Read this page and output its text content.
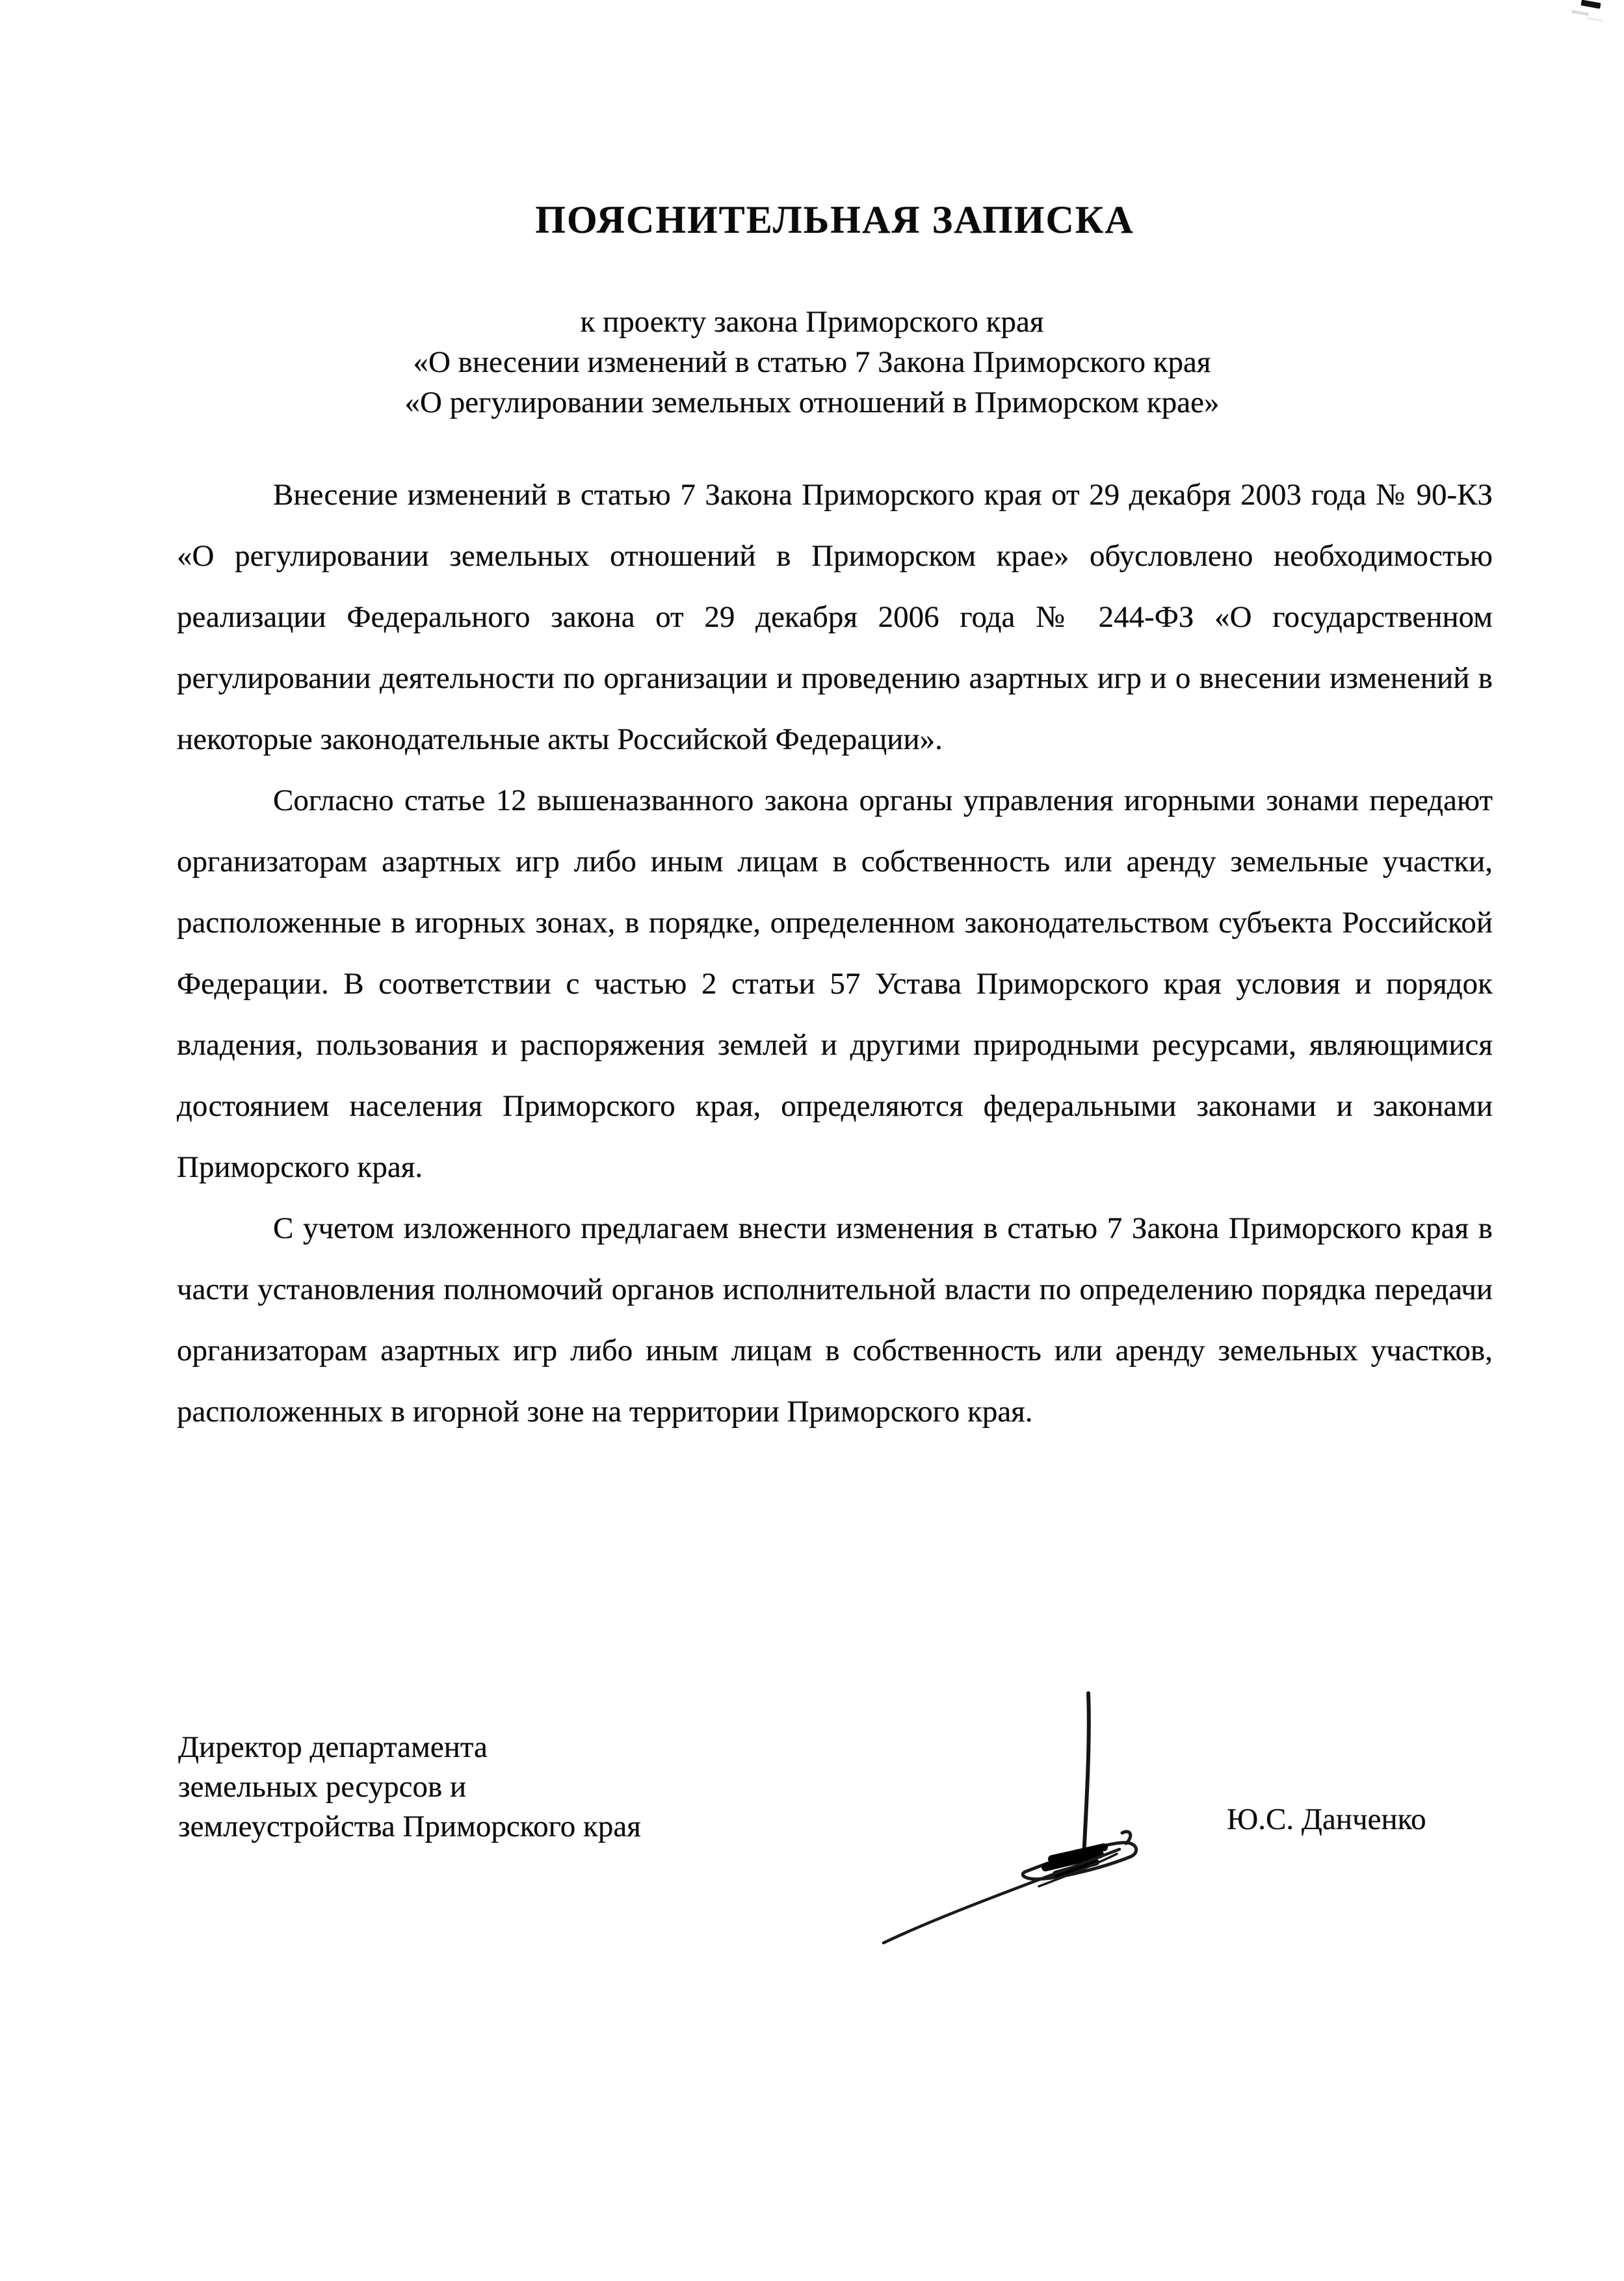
ПОЯСНИТЕЛЬНАЯ ЗАПИСКА
к проекту закона Приморского края
«О внесении изменений в статью 7 Закона Приморского края
«О регулировании земельных отношений в Приморском крае»

Внесение изменений в статью 7 Закона Приморского края от 29 декабря 2003 года № 90-КЗ «О регулировании земельных отношений в Приморском крае» обусловлено необходимостью реализации Федерального закона от 29 декабря 2006 года № 244-ФЗ «О государственном регулировании деятельности по организации и проведению азартных игр и о внесении изменений в некоторые законодательные акты Российской Федерации».

Согласно статье 12 вышеназванного закона органы управления игорными зонами передают организаторам азартных игр либо иным лицам в собственность или аренду земельные участки, расположенные в игорных зонах, в порядке, определенном законодательством субъекта Российской Федерации. В соответствии с частью 2 статьи 57 Устава Приморского края условия и порядок владения, пользования и распоряжения землей и другими природными ресурсами, являющимися достоянием населения Приморского края, определяются федеральными законами и законами Приморского края.

С учетом изложенного предлагаем внести изменения в статью 7 Закона Приморского края в части установления полномочий органов исполнительной власти по определению порядка передачи организаторам азартных игр либо иным лицам в собственность или аренду земельных участков, расположенных в игорной зоне на территории Приморского края.

Директор департамента
земельных ресурсов и
землеустройства Приморского края	Ю.С. Данченко
